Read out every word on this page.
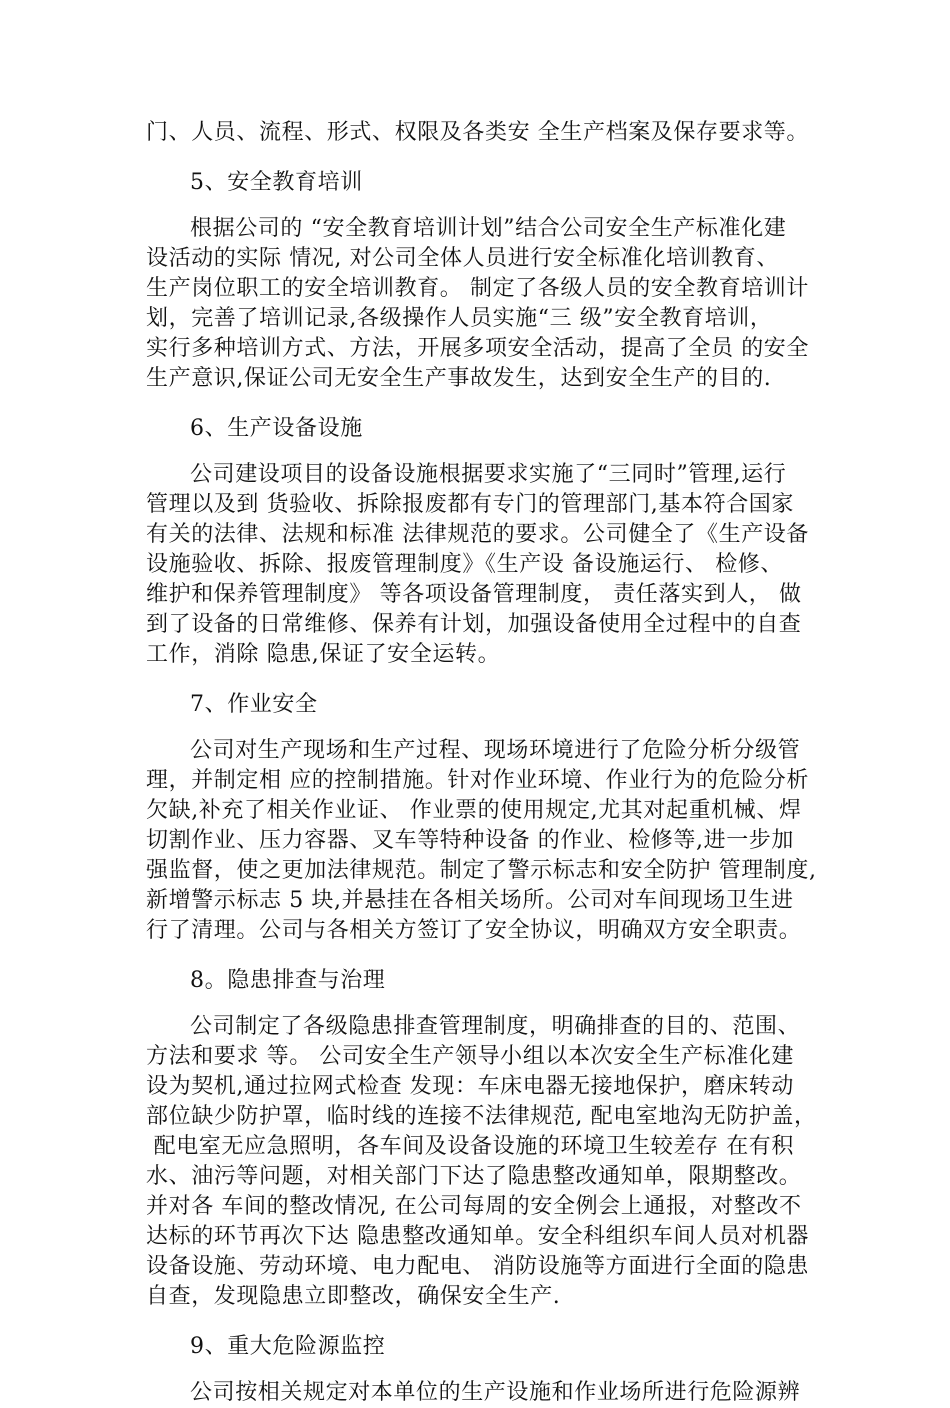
门、人员、流程、形式、权限及各类安 全生产档案及保存要求等。
5、安全教育培训
根据公司的 “安全教育培训计划”结合公司安全生产标准化建
设活动的实际 情况, 对公司全体人员进行安全标准化培训教育、
生产岗位职工的安全培训教育。 制定了各级人员的安全教育培训计
划，完善了培训记录,各级操作人员实施“三 级”安全教育培训，
实行多种培训方式、方法，开展多项安全活动，提高了全员 的安全
生产意识,保证公司无安全生产事故发生，达到安全生产的目的.
6、生产设备设施
公司建设项目的设备设施根据要求实施了“三同时”管理,运行
管理以及到 货验收、拆除报废都有专门的管理部门,基本符合国家
有关的法律、法规和标准 法律规范的要求。公司健全了《生产设备
设施验收、拆除、报废管理制度》《生产设 备设施运行、 检修、
维护和保养管理制度》 等各项设备管理制度， 责任落实到人， 做
到了设备的日常维修、保养有计划，加强设备使用全过程中的自查
工作，消除 隐患,保证了安全运转。
7、作业安全
公司对生产现场和生产过程、现场环境进行了危险分析分级管
理，并制定相 应的控制措施。针对作业环境、作业行为的危险分析
欠缺,补充了相关作业证、 作业票的使用规定,尤其对起重机械、焊
切割作业、压力容器、叉车等特种设备 的作业、检修等,进一步加
强监督，使之更加法律规范。制定了警示标志和安全防护 管理制度,
新增警示标志 5 块,并悬挂在各相关场所。公司对车间现场卫生进
行了清理。公司与各相关方签订了安全协议，明确双方安全职责。
8。隐患排查与治理
公司制定了各级隐患排查管理制度，明确排查的目的、范围、
方法和要求 等。 公司安全生产领导小组以本次安全生产标准化建
设为契机,通过拉网式检查 发现：车床电器无接地保护，磨床转动
部位缺少防护罩，临时线的连接不法律规范, 配电室地沟无防护盖，
配电室无应急照明，各车间及设备设施的环境卫生较差存 在有积
水、油污等问题，对相关部门下达了隐患整改通知单，限期整改。
并对各 车间的整改情况, 在公司每周的安全例会上通报，对整改不
达标的环节再次下达 隐患整改通知单。安全科组织车间人员对机器
设备设施、劳动环境、电力配电、 消防设施等方面进行全面的隐患
自查，发现隐患立即整改，确保安全生产.
9、重大危险源监控
公司按相关规定对本单位的生产设施和作业场所进行危险源辨
